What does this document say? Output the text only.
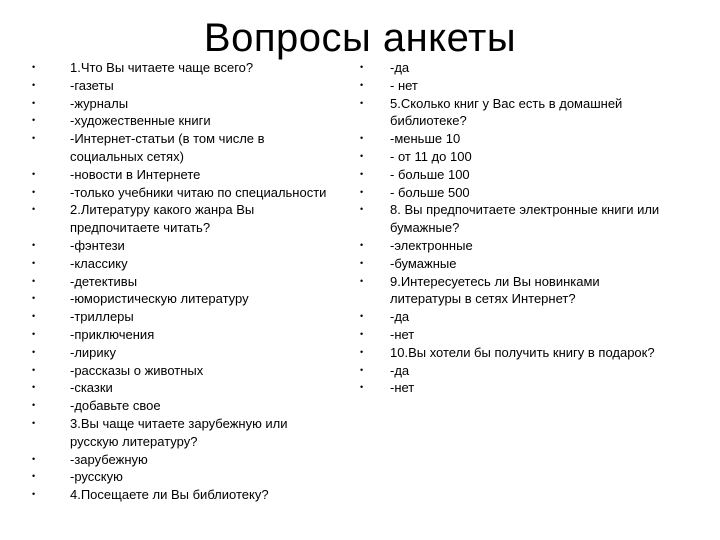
Вопросы анкеты
•	1.Что Вы читаете чаще всего?
•	-газеты
•	-журналы
•	-художественные книги
•	-Интернет-статьи (в том числе в социальных сетях)
•	-новости в Интернете
•	-только учебники читаю по специальности
•	2.Литературу какого жанра Вы предпочитаете читать?
•	-фэнтези
•	-классику
•	-детективы
•	-юмористическую литературу
•	-триллеры
•	-приключения
•	-лирику
•	-рассказы о животных
•	-сказки
•	-добавьте свое
•	3.Вы чаще читаете зарубежную или русскую литературу?
•	-зарубежную
•	-русскую
•	4.Посещаете ли Вы библиотеку?
•	-да
•	- нет
•	5.Сколько книг у Вас есть в домашней библиотеке?
•	-меньше 10
•	- от 11 до 100
•	- больше 100
•	- больше 500
•	8. Вы предпочитаете электронные книги или бумажные?
•	-электронные
•	-бумажные
•	9.Интересуетесь ли Вы новинками литературы в сетях Интернет?
•	-да
•	-нет
•	10.Вы хотели бы получить книгу в подарок?
•	-да
•	-нет
